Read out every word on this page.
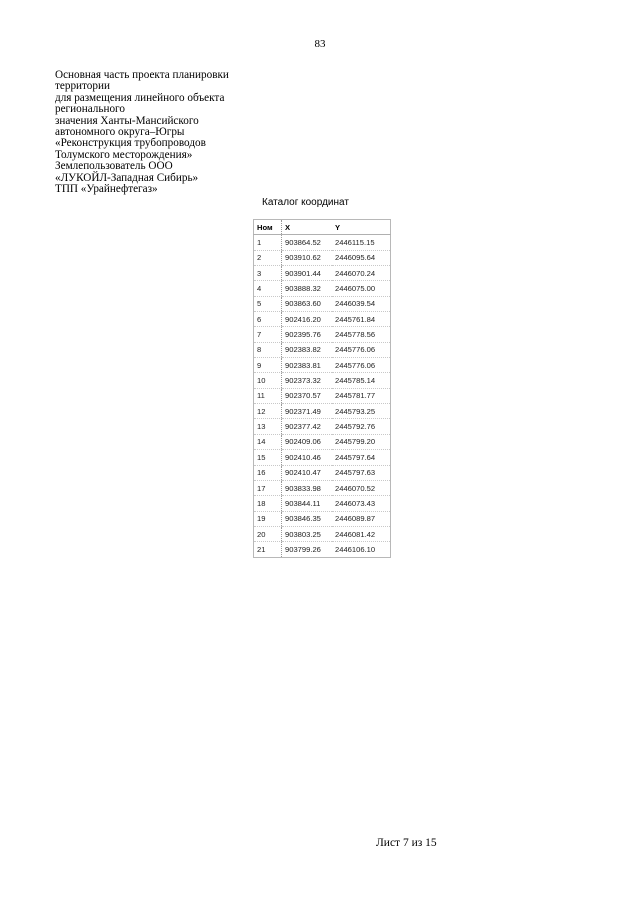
83
Основная часть проекта планировки
территории
для размещения линейного объекта
регионального
значения Ханты-Мансийского
автономного округа–Югры
«Реконструкция трубопроводов
Толумского месторождения»
Землепользователь ООО
«ЛУКОЙЛ-Западная Сибирь»
ТПП «Урайнефтегаз»
Каталог координат
Ном	X	Y
1	903864.52	2446115.15
2	903910.62	2446095.64
3	903901.44	2446070.24
4	903888.32	2446075.00
5	903863.60	2446039.54
6	902416.20	2445761.84
7	902395.76	2445778.56
8	902383.82	2445776.06
9	902383.81	2445776.06
10	902373.32	2445785.14
11	902370.57	2445781.77
12	902371.49	2445793.25
13	902377.42	2445792.76
14	902409.06	2445799.20
15	902410.46	2445797.64
16	902410.47	2445797.63
17	903833.98	2446070.52
18	903844.11	2446073.43
19	903846.35	2446089.87
20	903803.25	2446081.42
21	903799.26	2446106.10
Лист 7 из 15
